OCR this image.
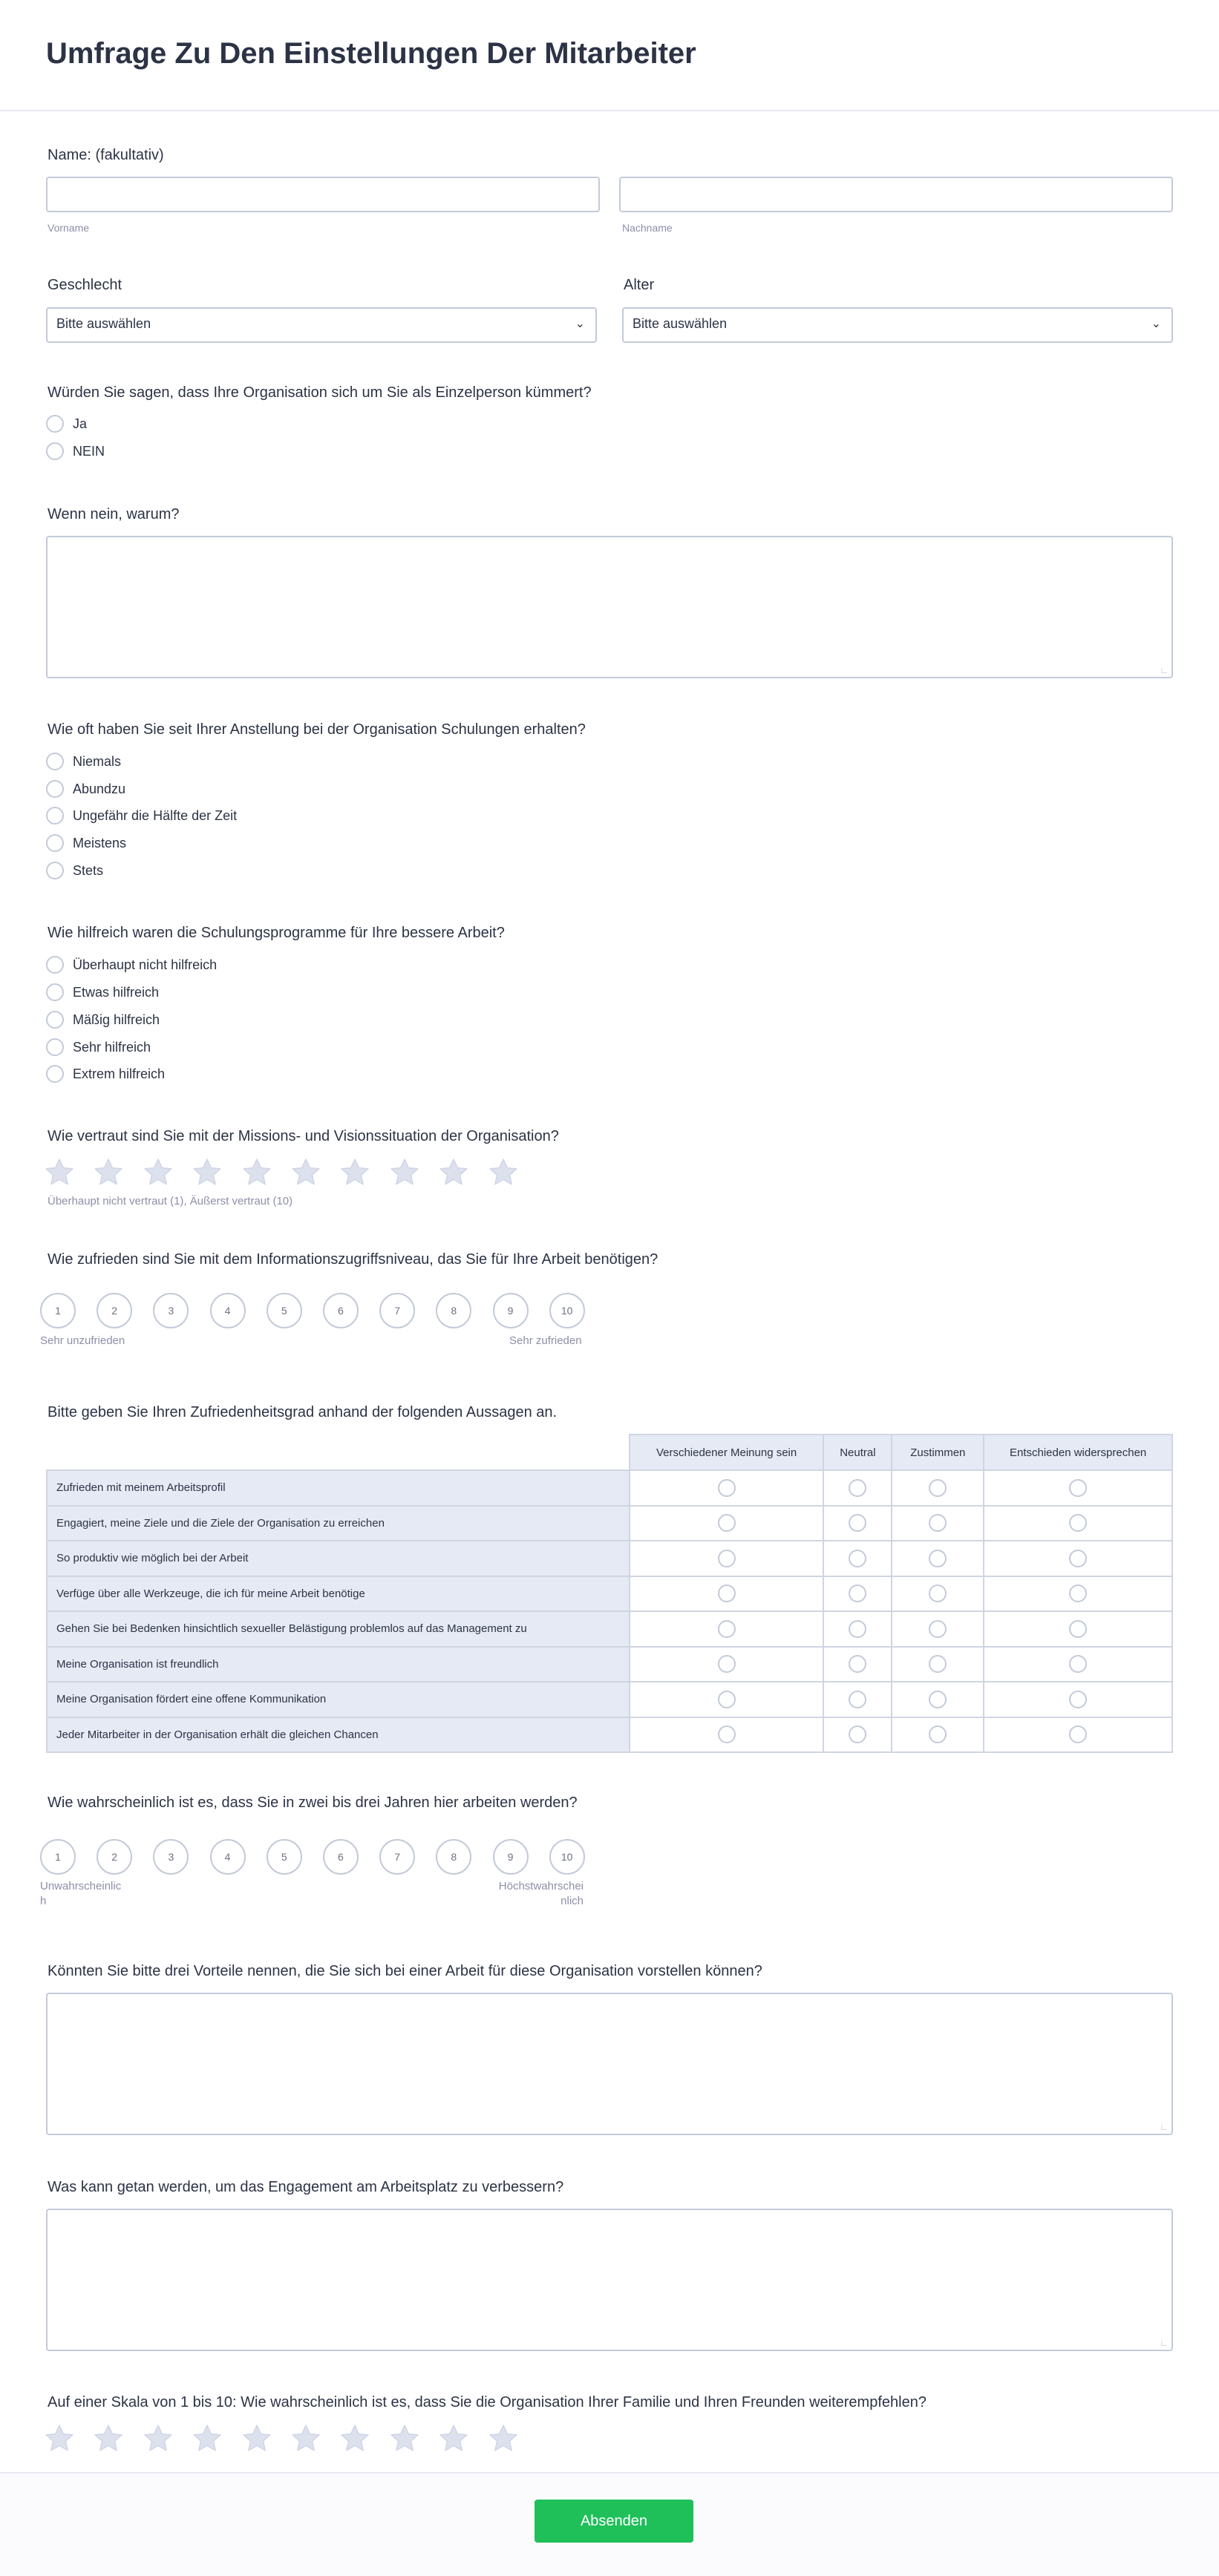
Umfrage Zu Den Einstellungen Der Mitarbeiter
Name: (fakultativ)
Vorname	Nachname
Geschlecht
Bitte auswählen	⌄
Alter
Bitte auswählen	⌄
Würden Sie sagen, dass Ihre Organisation sich um Sie als Einzelperson kümmert?
Ja
NEIN
Wenn nein, warum?
∟
Wie oft haben Sie seit Ihrer Anstellung bei der Organisation Schulungen erhalten?
Niemals
Abundzu
Ungefähr die Hälfte der Zeit
Meistens
Stets
Wie hilfreich waren die Schulungsprogramme für Ihre bessere Arbeit?
Überhaupt nicht hilfreich
Etwas hilfreich
Mäßig hilfreich
Sehr hilfreich
Extrem hilfreich
Wie vertraut sind Sie mit der Missions- und Visionssituation der Organisation?
Überhaupt nicht vertraut (1), Äußerst vertraut (10)
Wie zufrieden sind Sie mit dem Informationszugriffsniveau, das Sie für Ihre Arbeit benötigen?
1	2	3	4	5	6	7	8	9	10
Sehr unzufrieden	Sehr zufrieden
Bitte geben Sie Ihren Zufriedenheitsgrad anhand der folgenden Aussagen an.
	Verschiedener Meinung sein	Neutral	Zustimmen	Entschieden widersprechen
Zufrieden mit meinem Arbeitsprofil				
Engagiert, meine Ziele und die Ziele der Organisation zu erreichen				
So produktiv wie möglich bei der Arbeit				
Verfüge über alle Werkzeuge, die ich für meine Arbeit benötige				
Gehen Sie bei Bedenken hinsichtlich sexueller Belästigung problemlos auf das Management zu				
Meine Organisation ist freundlich				
Meine Organisation fördert eine offene Kommunikation				
Jeder Mitarbeiter in der Organisation erhält die gleichen Chancen				
Wie wahrscheinlich ist es, dass Sie in zwei bis drei Jahren hier arbeiten werden?
1	2	3	4	5	6	7	8	9	10
Unwahrscheinlic
h
Höchstwahrschei
nlich
Könnten Sie bitte drei Vorteile nennen, die Sie sich bei einer Arbeit für diese Organisation vorstellen können?
∟
Was kann getan werden, um das Engagement am Arbeitsplatz zu verbessern?
∟
Auf einer Skala von 1 bis 10: Wie wahrscheinlich ist es, dass Sie die Organisation Ihrer Familie und Ihren Freunden weiterempfehlen?
Absenden
